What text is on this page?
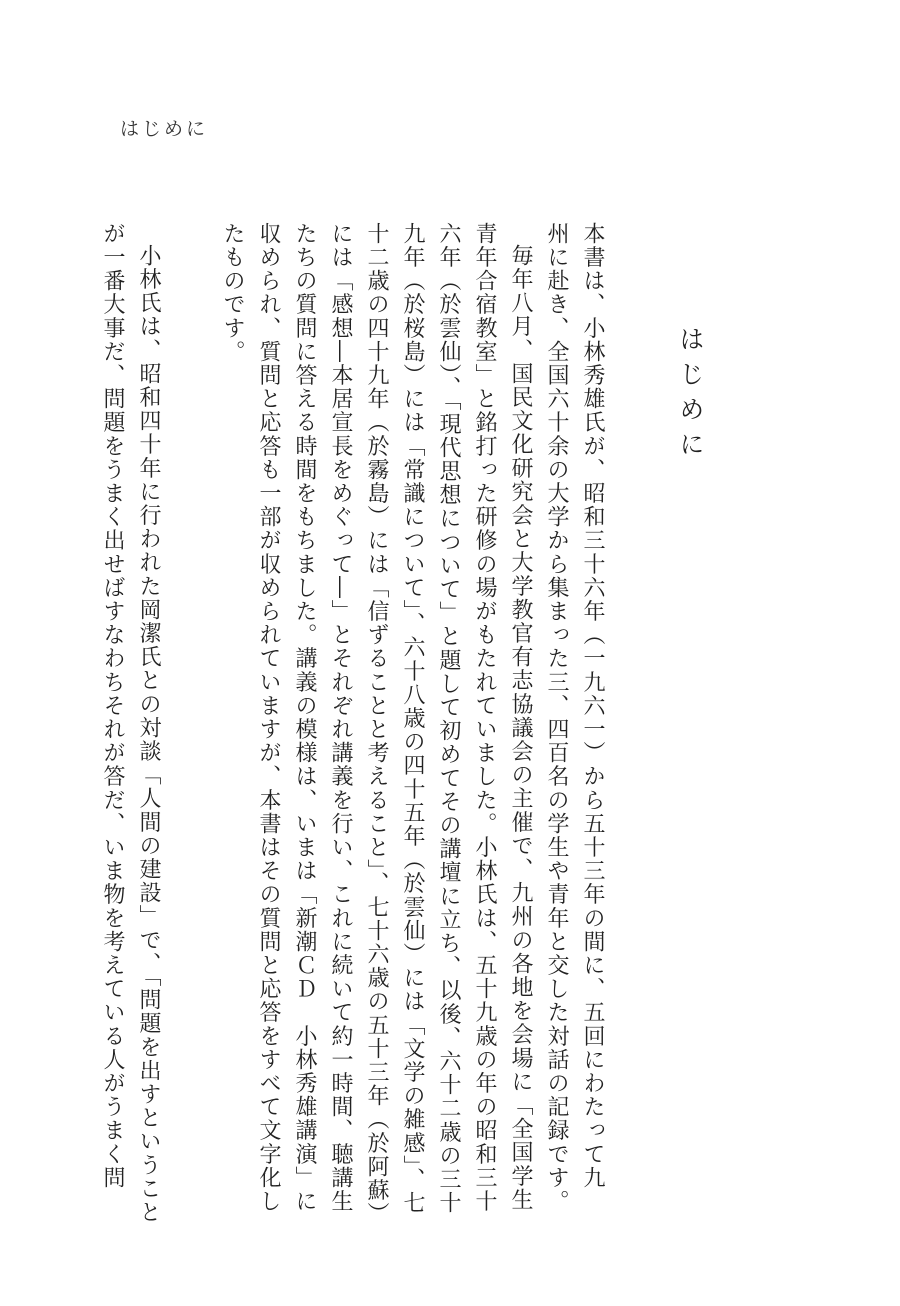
はじめに
はじめに
本書は、小林秀雄氏が、昭和三十六年（一九六一）から五十三年の間に、五回にわたって九
州に赴き、全国六十余の大学から集まった三、四百名の学生や青年と交した対話の記録です。
毎年八月、国民文化研究会と大学教官有志協議会の主催で、九州の各地を会場に「全国学生
青年合宿教室」と銘打った研修の場がもたれていました。小林氏は、五十九歳の年の昭和三十
六年（於雲仙）、「現代思想について」と題して初めてその講壇に立ち、以後、六十二歳の三十
九年（於桜島）には「常識について」、六十八歳の四十五年（於雲仙）には「文学の雑感」、七
十二歳の四十九年（於霧島）には「信ずることと考えること」、七十六歳の五十三年（於阿蘇）
には「感想―本居宣長をめぐって―」とそれぞれ講義を行い、これに続いて約一時間、聴講生
たちの質問に答える時間をもちました。講義の模様は、いまは「新潮ＣＤ　小林秀雄講演」に
収められ、質問と応答も一部が収められていますが、本書はその質問と応答をすべて文字化し
たものです。
小林氏は、昭和四十年に行われた岡潔氏との対談「人間の建設」で、「問題を出すということ
が一番大事だ、問題をうまく出せばすなわちそれが答だ、いま物を考えている人がうまく問
